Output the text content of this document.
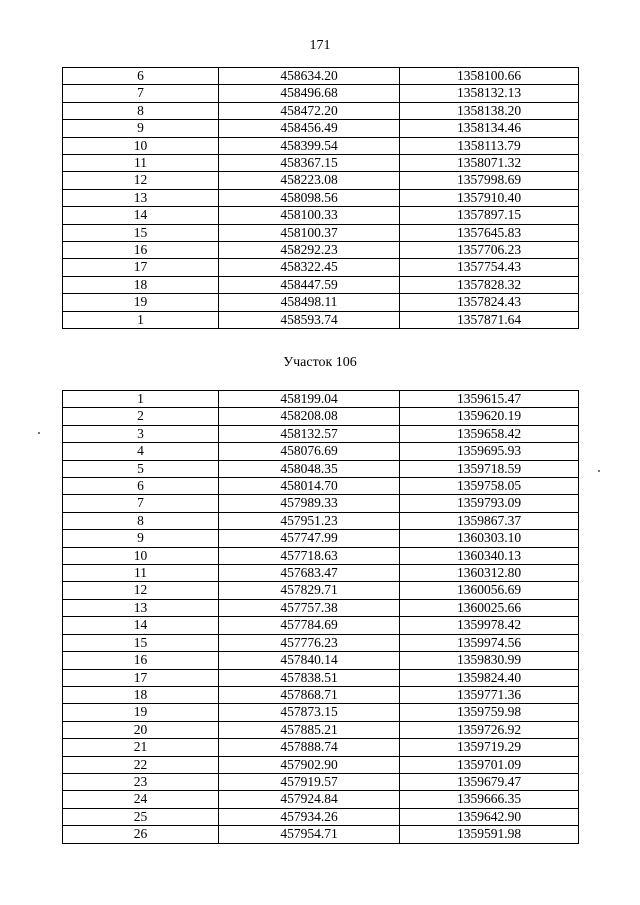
171
6	458634.20	1358100.66
7	458496.68	1358132.13
8	458472.20	1358138.20
9	458456.49	1358134.46
10	458399.54	1358113.79
11	458367.15	1358071.32
12	458223.08	1357998.69
13	458098.56	1357910.40
14	458100.33	1357897.15
15	458100.37	1357645.83
16	458292.23	1357706.23
17	458322.45	1357754.43
18	458447.59	1357828.32
19	458498.11	1357824.43
1	458593.74	1357871.64
Участок 106
1	458199.04	1359615.47
2	458208.08	1359620.19
3	458132.57	1359658.42
4	458076.69	1359695.93
5	458048.35	1359718.59
6	458014.70	1359758.05
7	457989.33	1359793.09
8	457951.23	1359867.37
9	457747.99	1360303.10
10	457718.63	1360340.13
11	457683.47	1360312.80
12	457829.71	1360056.69
13	457757.38	1360025.66
14	457784.69	1359978.42
15	457776.23	1359974.56
16	457840.14	1359830.99
17	457838.51	1359824.40
18	457868.71	1359771.36
19	457873.15	1359759.98
20	457885.21	1359726.92
21	457888.74	1359719.29
22	457902.90	1359701.09
23	457919.57	1359679.47
24	457924.84	1359666.35
25	457934.26	1359642.90
26	457954.71	1359591.98
